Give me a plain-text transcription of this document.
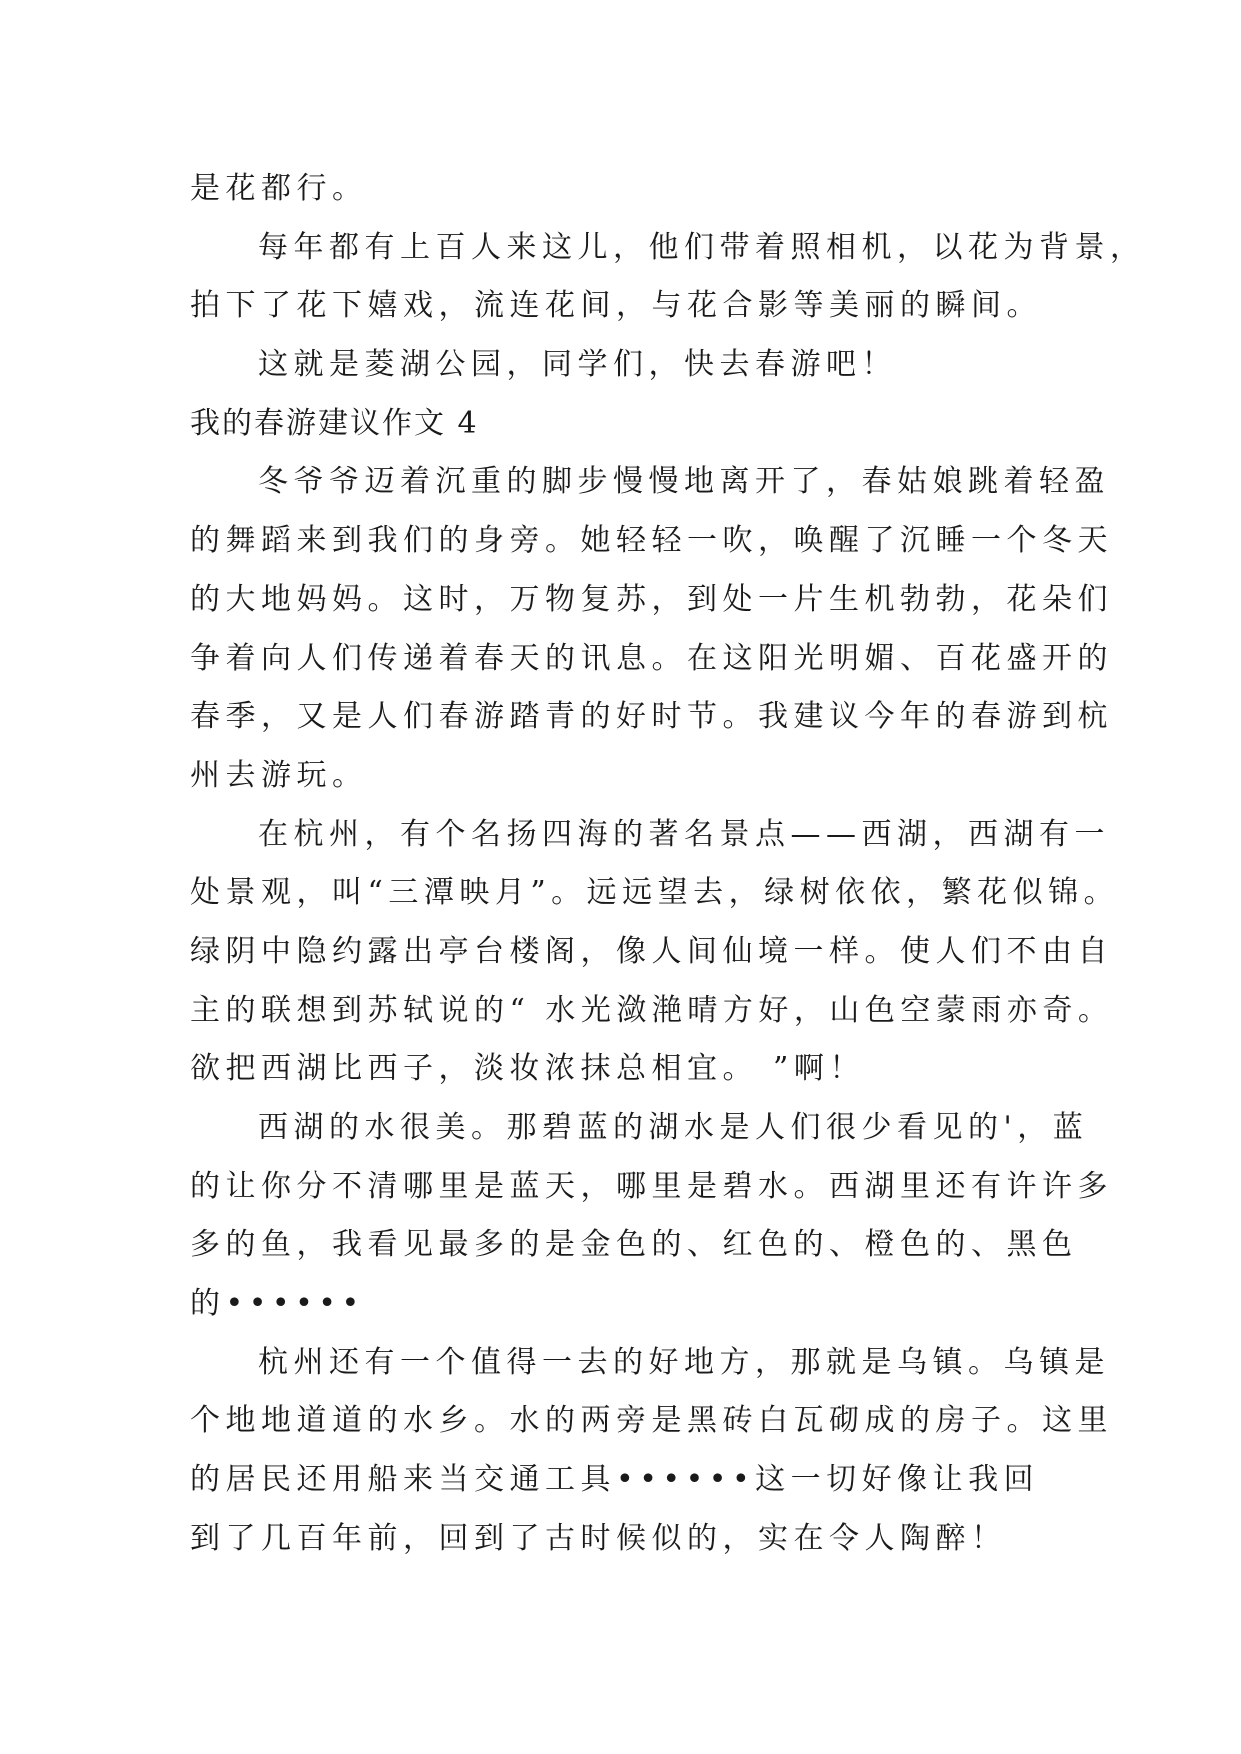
是花都行。
每年都有上百人来这儿，他们带着照相机，以花为背景，
拍下了花下嬉戏，流连花间，与花合影等美丽的瞬间。
这就是菱湖公园，同学们，快去春游吧！
我的春游建议作文 4
冬爷爷迈着沉重的脚步慢慢地离开了，春姑娘跳着轻盈
的舞蹈来到我们的身旁。她轻轻一吹，唤醒了沉睡一个冬天
的大地妈妈。这时，万物复苏，到处一片生机勃勃，花朵们
争着向人们传递着春天的讯息。在这阳光明媚、百花盛开的
春季，又是人们春游踏青的好时节。我建议今年的春游到杭
州去游玩。
在杭州，有个名扬四海的著名景点——西湖，西湖有一
处景观，叫“三潭映月”。远远望去，绿树依依，繁花似锦。
绿阴中隐约露出亭台楼阁，像人间仙境一样。使人们不由自
主的联想到苏轼说的“ 水光潋滟晴方好，山色空蒙雨亦奇。
欲把西湖比西子，淡妆浓抹总相宜。 ”啊！
西湖的水很美。那碧蓝的湖水是人们很少看见的'，蓝
的让你分不清哪里是蓝天，哪里是碧水。西湖里还有许许多
多的鱼，我看见最多的是金色的、红色的、橙色的、黑色
的••••••
杭州还有一个值得一去的好地方，那就是乌镇。乌镇是
个地地道道的水乡。水的两旁是黑砖白瓦砌成的房子。这里
的居民还用船来当交通工具••••••这一切好像让我回
到了几百年前，回到了古时候似的，实在令人陶醉！
